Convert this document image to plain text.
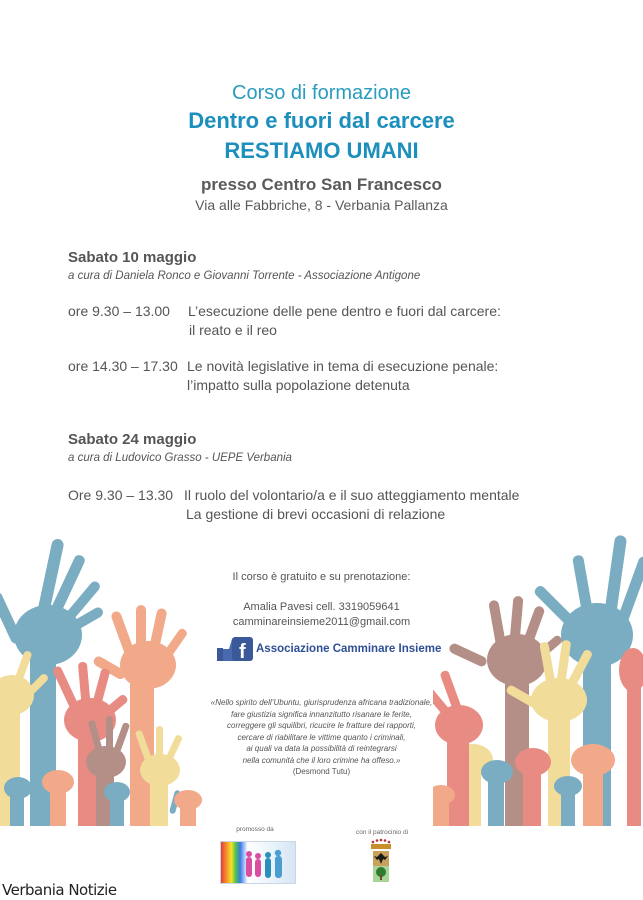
Corso di formazione
Dentro e fuori dal carcere
RESTIAMO UMANI
presso Centro San Francesco
Via alle Fabbriche, 8 - Verbania Pallanza
Sabato 10 maggio
a cura di Daniela Ronco e Giovanni Torrente - Associazione Antigone
ore 9.30 – 13.00 L’esecuzione delle pene dentro e fuori dal carcere:
il reato e il reo
ore 14.30 – 17.30 Le novità legislative in tema di esecuzione penale:
l’impatto sulla popolazione detenuta
Sabato 24 maggio
a cura di Ludovico Grasso - UEPE Verbania
Ore 9.30 – 13.30 Il ruolo del volontario/a e il suo atteggiamento mentale
La gestione di brevi occasioni di relazione
Il corso è gratuito e su prenotazione:
Amalia Pavesi cell. 3319059641
camminareinsieme2011@gmail.com
f Associazione Camminare Insieme
«Nello spirito dell’Ubuntu, giurisprudenza africana tradizionale,
fare giustizia significa innanzitutto risanare le ferite,
correggere gli squilibri, ricucire le fratture dei rapporti,
cercare di riabilitare le vittime quanto i criminali,
ai quali va data la possibilità di reintegrarsi
nella comunità che il loro crimine ha offeso.»
(Desmond Tutu)
promosso da	con il patrocinio di
Verbania Notizie
